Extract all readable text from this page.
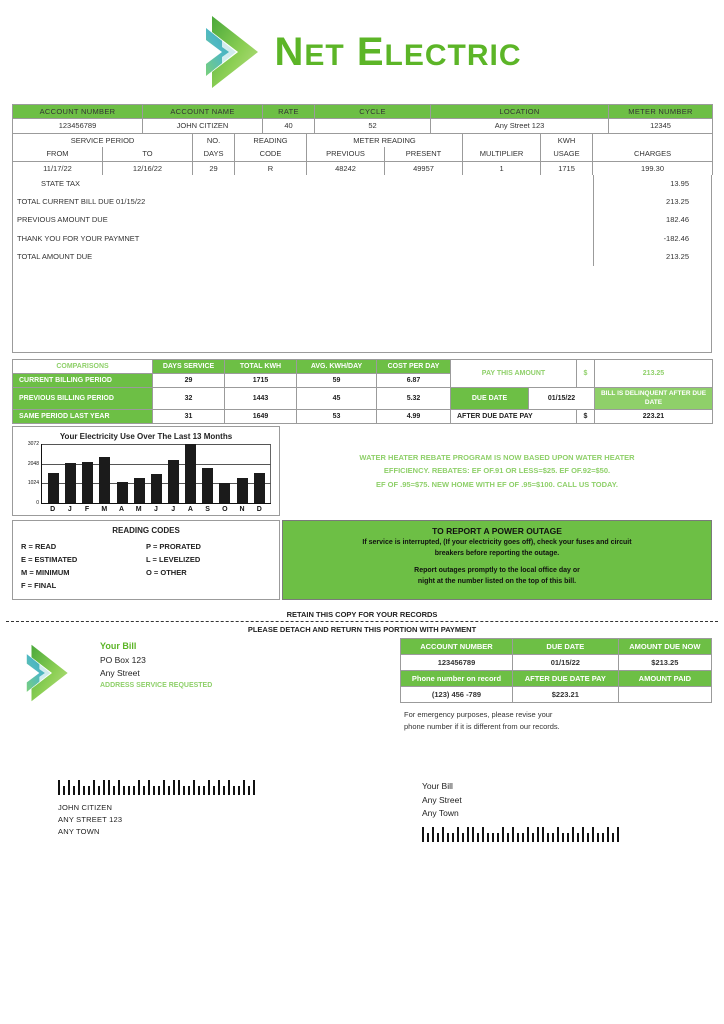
NET ELECTRIC
ACCOUNT NUMBER	ACCOUNT NAME	RATE	CYCLE	LOCATION	METER NUMBER
123456789	JOHN CITIZEN	40	52	Any Street 123	12345
SERVICE PERIOD		NO.	READING	METER READING			KWH	
FROM	TO	DAYS	CODE	PREVIOUS	PRESENT	MULTIPLIER	USAGE	CHARGES
11/17/22	12/16/22	29	R	48242	49957	1	1715	199.30
STATE TAX	13.95
TOTAL CURRENT BILL DUE 01/15/22	213.25
PREVIOUS AMOUNT DUE	182.46
THANK YOU FOR YOUR PAYMNET	-182.46
TOTAL AMOUNT DUE	213.25
COMPARISONS	DAYS SERVICE	TOTAL KWH	AVG. KWH/DAY	COST PER DAY	PAY THIS AMOUNT		$	213.25
CURRENT BILLING PERIOD	29	1715	59	6.87				
PREVIOUS BILLING PERIOD	32	1443	45	5.32	DUE DATE	01/15/22		BILL IS DELINQUENT AFTER DUE DATE
SAME PERIOD LAST YEAR	31	1649	53	4.99	AFTER DUE DATE PAY		$	223.21
Your Electricity Use Over The Last 13 Months
3072
2048
1024
0
D	J	F	M	A	M	J	J	A	S	O	N	D
WATER HEATER REBATE PROGRAM IS NOW BASED UPON WATER HEATER
EFFICIENCY. REBATES: EF OF.91 OR LESS=$25. EF OF.92=$50.
EF OF .95=$75. NEW HOME WITH EF OF .95=$100. CALL US TODAY.
READING CODES
R = READ
E = ESTIMATED
M = MINIMUM
F = FINAL
P = PRORATED
L = LEVELIZED
O = OTHER
TO REPORT A POWER OUTAGE
If service is interrupted, (If your electricity goes off), check your fuses and circuit
breakers before reporting the outage.
Report outages promptly to the local office day or
night at the number listed on the top of this bill.
RETAIN THIS COPY FOR YOUR RECORDS
PLEASE DETACH AND RETURN THIS PORTION WITH PAYMENT
Your Bill
PO Box 123
Any Street
ADDRESS SERVICE REQUESTED
ACCOUNT NUMBER	DUE DATE	AMOUNT DUE NOW
123456789	01/15/22	$213.25
Phone number on record	AFTER DUE DATE PAY	AMOUNT PAID
(123) 456 -789	$223.21	
For emergency purposes, please revise your
phone number if it is different from our records.
JOHN CITIZEN
ANY STREET 123
ANY TOWN
Your Bill
Any Street
Any Town
